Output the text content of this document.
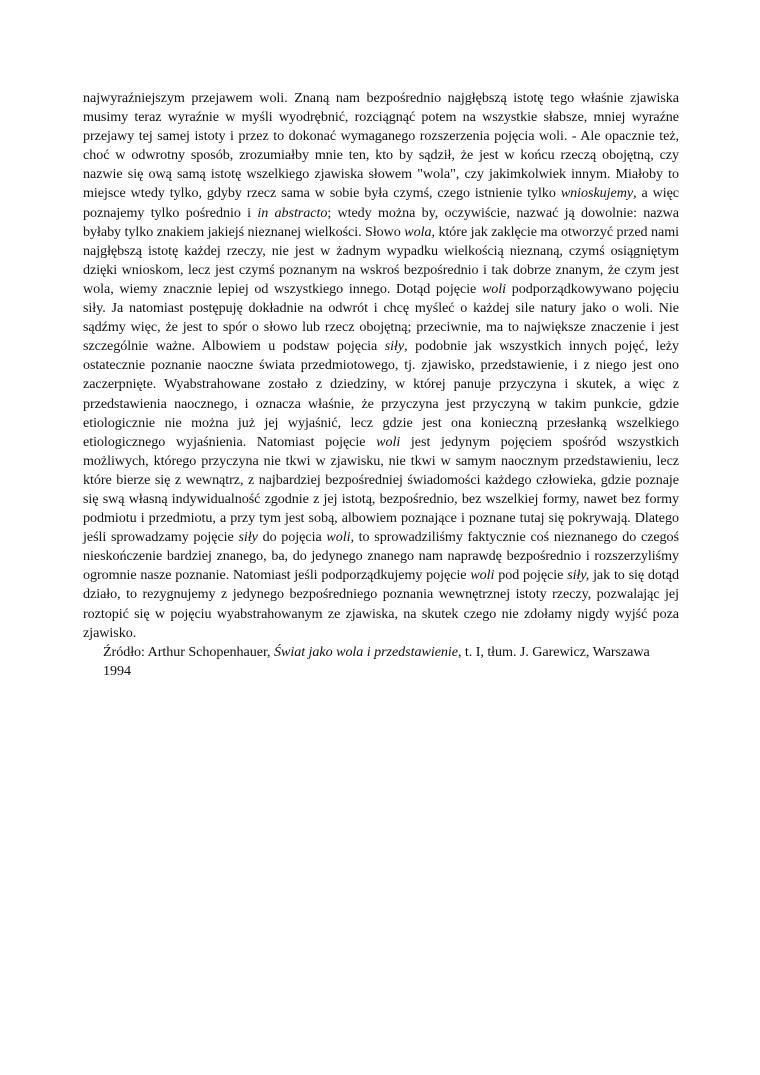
najwyraźniejszym przejawem woli. Znaną nam bezpośrednio najgłębszą istotę tego właśnie zjawiska musimy teraz wyraźnie w myśli wyodrębnić, rozciągnąć potem na wszystkie słabsze, mniej wyraźne przejawy tej samej istoty i przez to dokonać wymaganego rozszerzenia pojęcia woli. - Ale opacznie też, choć w odwrotny sposób, zrozumiałby mnie ten, kto by sądził, że jest w końcu rzeczą obojętną, czy nazwie się ową samą istotę wszelkiego zjawiska słowem "wola", czy jakimkolwiek innym. Miałoby to miejsce wtedy tylko, gdyby rzecz sama w sobie była czymś, czego istnienie tylko wnioskujemy, a więc poznajemy tylko pośrednio i in abstracto; wtedy można by, oczywiście, nazwać ją dowolnie: nazwa byłaby tylko znakiem jakiejś nieznanej wielkości. Słowo wola, które jak zaklęcie ma otworzyć przed nami najgłębszą istotę każdej rzeczy, nie jest w żadnym wypadku wielkością nieznaną, czymś osiągniętym dzięki wnioskom, lecz jest czymś poznanym na wskroś bezpośrednio i tak dobrze znanym, że czym jest wola, wiemy znacznie lepiej od wszystkiego innego. Dotąd pojęcie woli podporządkowywano pojęciu siły. Ja natomiast postępuję dokładnie na odwrót i chcę myśleć o każdej sile natury jako o woli. Nie sądźmy więc, że jest to spór o słowo lub rzecz obojętną; przeciwnie, ma to największe znaczenie i jest szczególnie ważne. Albowiem u podstaw pojęcia siły, podobnie jak wszystkich innych pojęć, leży ostatecznie poznanie naoczne świata przedmiotowego, tj. zjawisko, przedstawienie, i z niego jest ono zaczerpnięte. Wyabstrahowane zostało z dziedziny, w której panuje przyczyna i skutek, a więc z przedstawienia naocznego, i oznacza właśnie, że przyczyna jest przyczyną w takim punkcie, gdzie etiologicznie nie można już jej wyjaśnić, lecz gdzie jest ona konieczną przesłanką wszelkiego etiologicznego wyjaśnienia. Natomiast pojęcie woli jest jedynym pojęciem spośród wszystkich możliwych, którego przyczyna nie tkwi w zjawisku, nie tkwi w samym naocznym przedstawieniu, lecz które bierze się z wewnątrz, z najbardziej bezpośredniej świadomości każdego człowieka, gdzie poznaje się swą własną indywidualność zgodnie z jej istotą, bezpośrednio, bez wszelkiej formy, nawet bez formy podmiotu i przedmiotu, a przy tym jest sobą, albowiem poznające i poznane tutaj się pokrywają. Dlatego jeśli sprowadzamy pojęcie siły do pojęcia woli, to sprowadziliśmy faktycznie coś nieznanego do czegoś nieskończenie bardziej znanego, ba, do jedynego znanego nam naprawdę bezpośrednio i rozszerzyliśmy ogromnie nasze poznanie. Natomiast jeśli podporządkujemy pojęcie woli pod pojęcie siły, jak to się dotąd działo, to rezygnujemy z jedynego bezpośredniego poznania wewnętrznej istoty rzeczy, pozwalając jej roztopić się w pojęciu wyabstrahowanym ze zjawiska, na skutek czego nie zdołamy nigdy wyjść poza zjawisko.

Źródło: Arthur Schopenhauer, Świat jako wola i przedstawienie, t. I, tłum. J. Garewicz, Warszawa 1994
